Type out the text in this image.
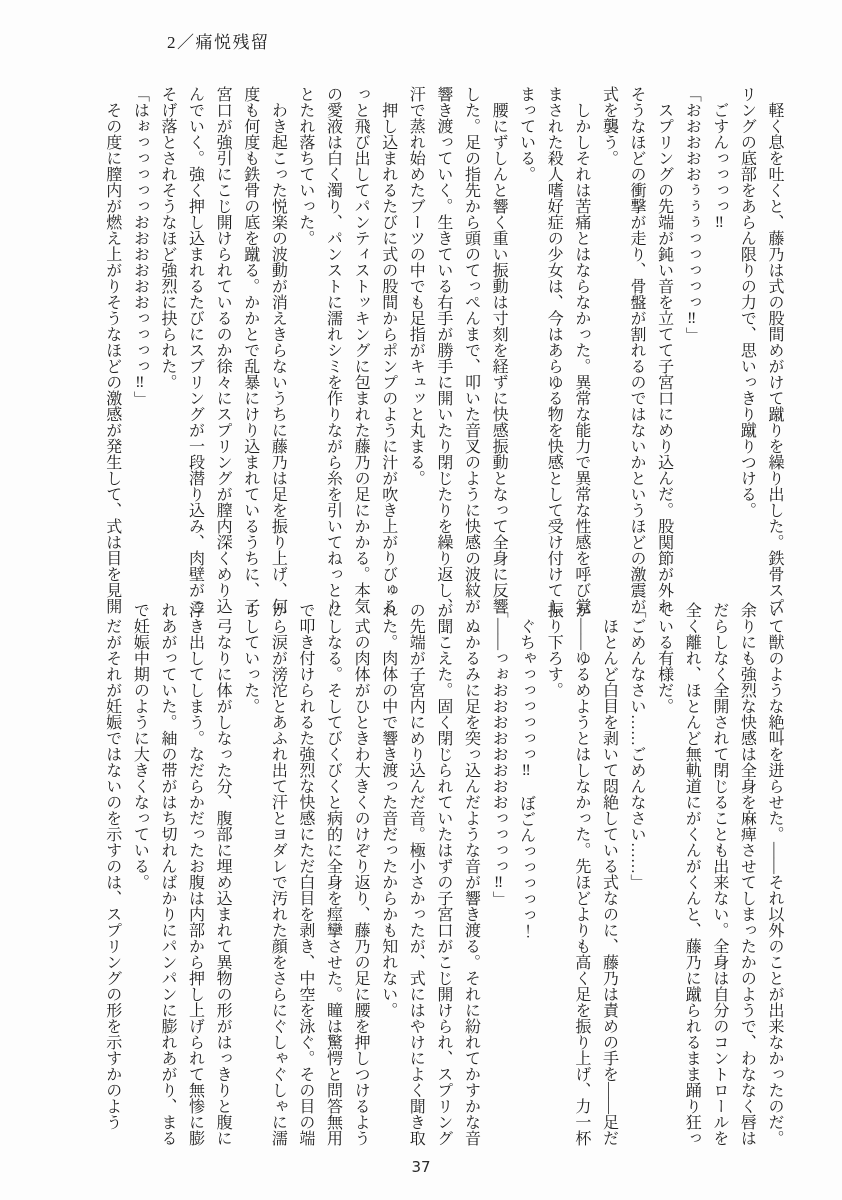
2／痛悦残留

軽く息を吐くと、藤乃は式の股間めがけて蹴りを繰り出した。鉄骨スプリングの底部をあらん限りの力で、思いっきり蹴りつける。

ごすんっっっっ‼

「おおおおおぅぅぅっっっっっ‼」

スプリングの先端が鈍い音を立てて子宮口にめり込んだ。股関節が外れそうなほどの衝撃が走り、骨盤が割れるのではないかというほどの激震が式を襲う。

しかしそれは苦痛とはならなかった。異常な能力で異常な性感を呼び覚まされた殺人嗜好症の少女は、今はあらゆる物を快感として受け付けてしまっている。

腰にずしんと響く重い振動は寸刻を経ずに快感振動となって全身に反響した。足の指先から頭のてっぺんまで、叩いた音叉のように快感の波紋が響き渡っていく。生きている右手が勝手に開いたり閉じたりを繰り返し、汗で蒸れ始めたブーツの中でも足指がキュッと丸まる。

押し込まれるたびに式の股間からポンプのように汁が吹き上がりびゅるっと飛び出してパンティストッキングに包まれた藤乃の足にかかる。本気の愛液は白く濁り、パンストに濡れシミを作りながら糸を引いてねっとりとたれ落ちていった。

わき起こった悦楽の波動が消えきらないうちに藤乃は足を振り上げ、何度も何度も鉄骨の底を蹴る。かかとで乱暴にけり込まれているうちに、子宮口が強引にこじ開けられているのか徐々にスプリングが膣内深くめり込んでいく。強く押し込まれるたびにスプリングが一段潜り込み、肉壁がこそげ落とされそうなほど強烈に抉られた。

「はぉっっっっっおおおおおおっっっっ‼」

その度に膣内が燃え上がりそうなほどの激感が発生して、式は目を見開

いて獣のような絶叫を迸らせた。――それ以外のことが出来なかったのだ。余りにも強烈な快感は全身を麻痺させてしまったかのようで、わななく唇はだらしなく全開されて閉じることも出来ない。全身は自分のコントロールを全く離れ、ほとんど無軌道にがくんがくんと、藤乃に蹴られるまま踊り狂っている有様だ。

「ごめんなさい……ごめんなさい……」

ほとんど白目を剥いて悶絶している式なのに、藤乃は責めの手を――足だが――ゆるめようとはしなかった。先ほどよりも高く足を振り上げ、力一杯振り下ろす。

ぐちゃっっっっっっ‼　ぼごんっっっっっ！

「――っぉおおおおおおおおっっっっ‼」

ぬかるみに足を突っ込んだような音が響き渡る。それに紛れてかすかな音が聞こえた。固く閉じられていたはずの子宮口がこじ開けられ、スプリングの先端が子宮内にめり込んだ音。極小さかったが、式にはやけによく聞き取れた。肉体の中で響き渡った音だったからかも知れない。

式の肉体がひときわ大きくのけぞり返り、藤乃の足に腰を押しつけるようにしなる。そしてびくびくと病的に全身を痙攣させた。瞳は驚愕と問答無用で叩き付けられるた強烈な快感にただ白目を剥き、中空を泳ぐ。その目の端から涙が滂沱とあふれ出て汗とヨダレで汚れた顔をさらにぐしゃぐしゃに濡らしていった。

弓なりに体がしなった分、腹部に埋め込まれて異物の形がはっきりと腹に浮き出してしまう。なだらかだったお腹は内部から押し上げられて無惨に膨れあがっていた。紬の帯がはち切れんばかりにパンパンに膨れあがり、まるで妊娠中期のように大きくなっている。

だがそれが妊娠ではないのを示すのは、スプリングの形を示すかのよう

37
